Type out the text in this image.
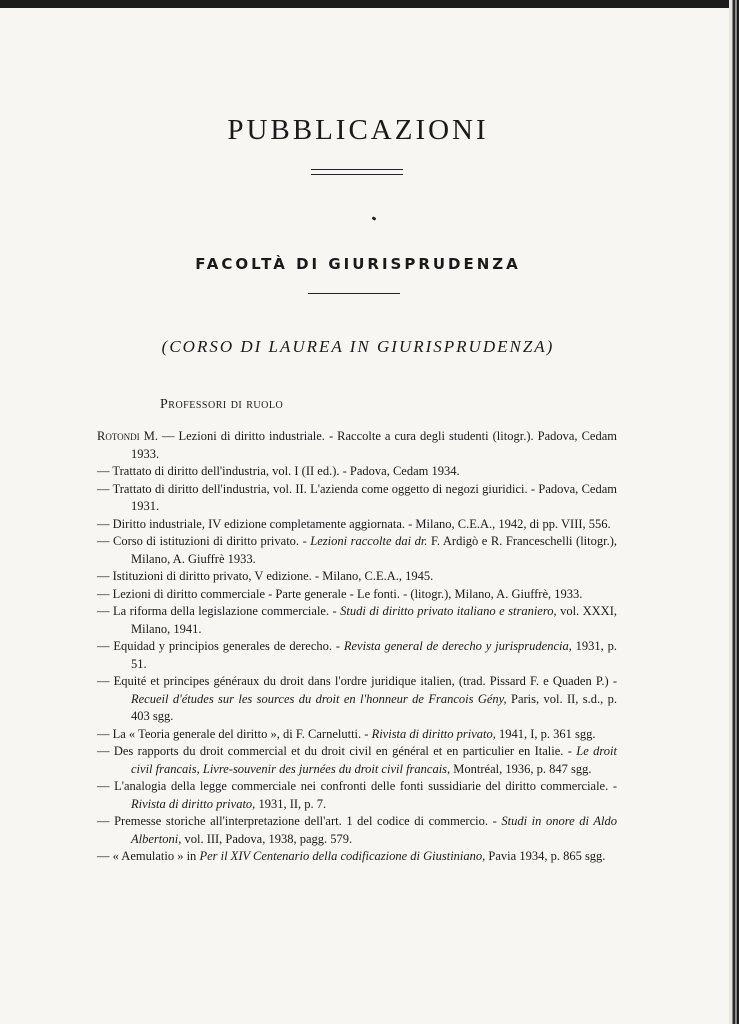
PUBBLICAZIONI
FACOLTÀ DI GIURISPRUDENZA
(CORSO DI LAUREA IN GIURISPRUDENZA)
Professori di ruolo
Rotondi M. — Lezioni di diritto industriale. - Raccolte a cura degli studenti (litogr.). Padova, Cedam 1933.
— Trattato di diritto dell'industria, vol. I (II ed.). - Padova, Cedam 1934.
— Trattato di diritto dell'industria, vol. II. L'azienda come oggetto di negozi giuridici. - Padova, Cedam 1931.
— Diritto industriale, IV edizione completamente aggiornata. - Milano, C.E.A., 1942, di pp. VIII, 556.
— Corso di istituzioni di diritto privato. - Lezioni raccolte dai dr. F. Ardigò e R. Franceschelli (litogr.), Milano, A. Giuffrè 1933.
— Istituzioni di diritto privato, V edizione. - Milano, C.E.A., 1945.
— Lezioni di diritto commerciale - Parte generale - Le fonti. - (litogr.), Milano, A. Giuffrè, 1933.
— La riforma della legislazione commerciale. - Studi di diritto privato italiano e straniero, vol. XXXI, Milano, 1941.
— Equidad y principios generales de derecho. - Revista general de derecho y jurisprudencia, 1931, p. 51.
— Equité et principes généraux du droit dans l'ordre juridique italien, (trad. Pissard F. e Quaden P.) - Recueil d'études sur les sources du droit en l'honneur de Francois Gény, Paris, vol. II, s.d., p. 403 sgg.
— La « Teoria generale del diritto », di F. Carnelutti. - Rivista di diritto privato, 1941, I, p. 361 sgg.
— Des rapports du droit commercial et du droit civil en général et en particulier en Italie. - Le droit civil francais, Livre-souvenir des jurnées du droit civil francais, Montréal, 1936, p. 847 sgg.
— L'analogia della legge commerciale nei confronti delle fonti sussidiarie del diritto commerciale. - Rivista di diritto privato, 1931, II, p. 7.
— Premesse storiche all'interpretazione dell'art. 1 del codice di commercio. - Studi in onore di Aldo Albertoni, vol. III, Padova, 1938, pagg. 579.
— « Aemulatio » in Per il XIV Centenario della codificazione di Giustiniano, Pavia 1934, p. 865 sgg.
